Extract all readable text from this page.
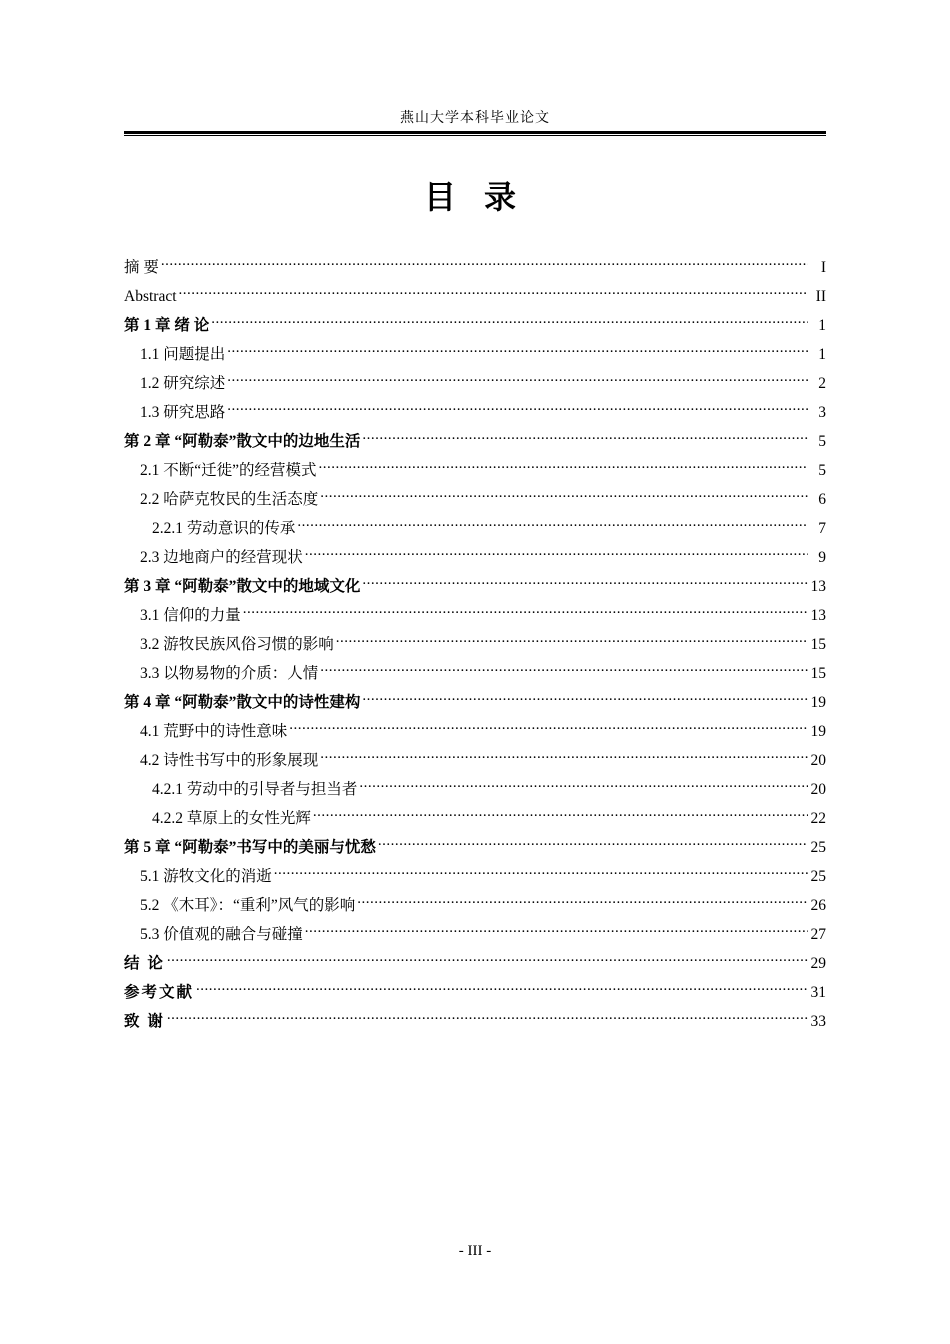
燕山大学本科毕业论文
目 录
摘 要 .....	I
Abstract .....	II
第 1 章 绪 论 .....	1
1.1 问题提出 .....	1
1.2 研究综述 .....	2
1.3 研究思路 .....	3
第 2 章 “阿勒泰”散文中的边地生活 .....	5
2.1 不断“迁徙”的经营模式 .....	5
2.2 哈萨克牧民的生活态度 .....	6
2.2.1 劳动意识的传承 .....	7
2.3 边地商户的经营现状 .....	9
第 3 章 “阿勒泰”散文中的地域文化 .....	13
3.1 信仰的力量 .....	13
3.2 游牧民族风俗习惯的影响 .....	15
3.3 以物易物的介质：人情 .....	15
第 4 章 “阿勒泰”散文中的诗性建构 .....	19
4.1 荒野中的诗性意味 .....	19
4.2 诗性书写中的形象展现 .....	20
4.2.1 劳动中的引导者与担当者 .....	20
4.2.2 草原上的女性光辉 .....	22
第 5 章 “阿勒泰”书写中的美丽与忧愁 .....	25
5.1 游牧文化的消逝 .....	25
5.2 《木耳》：“重利”风气的影响 .....	26
5.3 价值观的融合与碰撞 .....	27
结 论 .....	29
参考文献 .....	31
致 谢 .....	33
- III -
